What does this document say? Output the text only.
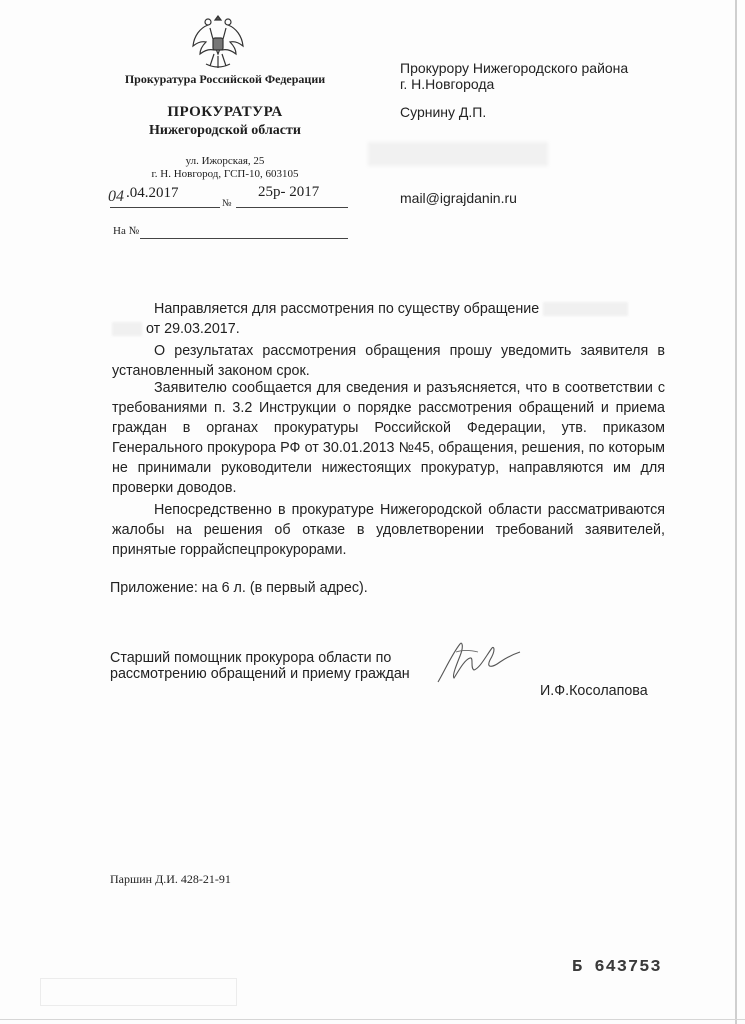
Прокуратура Российской Федерации
ПРОКУРАТУРА
Нижегородской области
ул. Ижорская, 25
г. Н. Новгород, ГСП-10, 603105
04 .04.2017
№
25р- 2017
На №
Прокурору Нижегородского района
г. Н.Новгорода
Сурнину Д.П.
mail@igrajdanin.ru
Направляется для рассмотрения по существу обращение
от 29.03.2017.
О результатах рассмотрения обращения прошу уведомить заявителя в установленный законом срок.
Заявителю сообщается для сведения и разъясняется, что в соответствии с требованиями п. 3.2 Инструкции о порядке рассмотрения обращений и приема граждан в органах прокуратуры Российской Федерации, утв. приказом Генерального прокурора РФ от 30.01.2013 №45, обращения, решения, по которым не принимали руководители нижестоящих прокуратур, направляются им для проверки доводов.
Непосредственно в прокуратуре Нижегородской области рассматриваются жалобы на решения об отказе в удовлетворении требований заявителей, принятые горрайспецпрокурорами.
Приложение: на 6 л. (в первый адрес).
Старший помощник прокурора области по рассмотрению обращений и приему граждан
И.Ф.Косолапова
Паршин Д.И. 428-21-91
Б 643753
